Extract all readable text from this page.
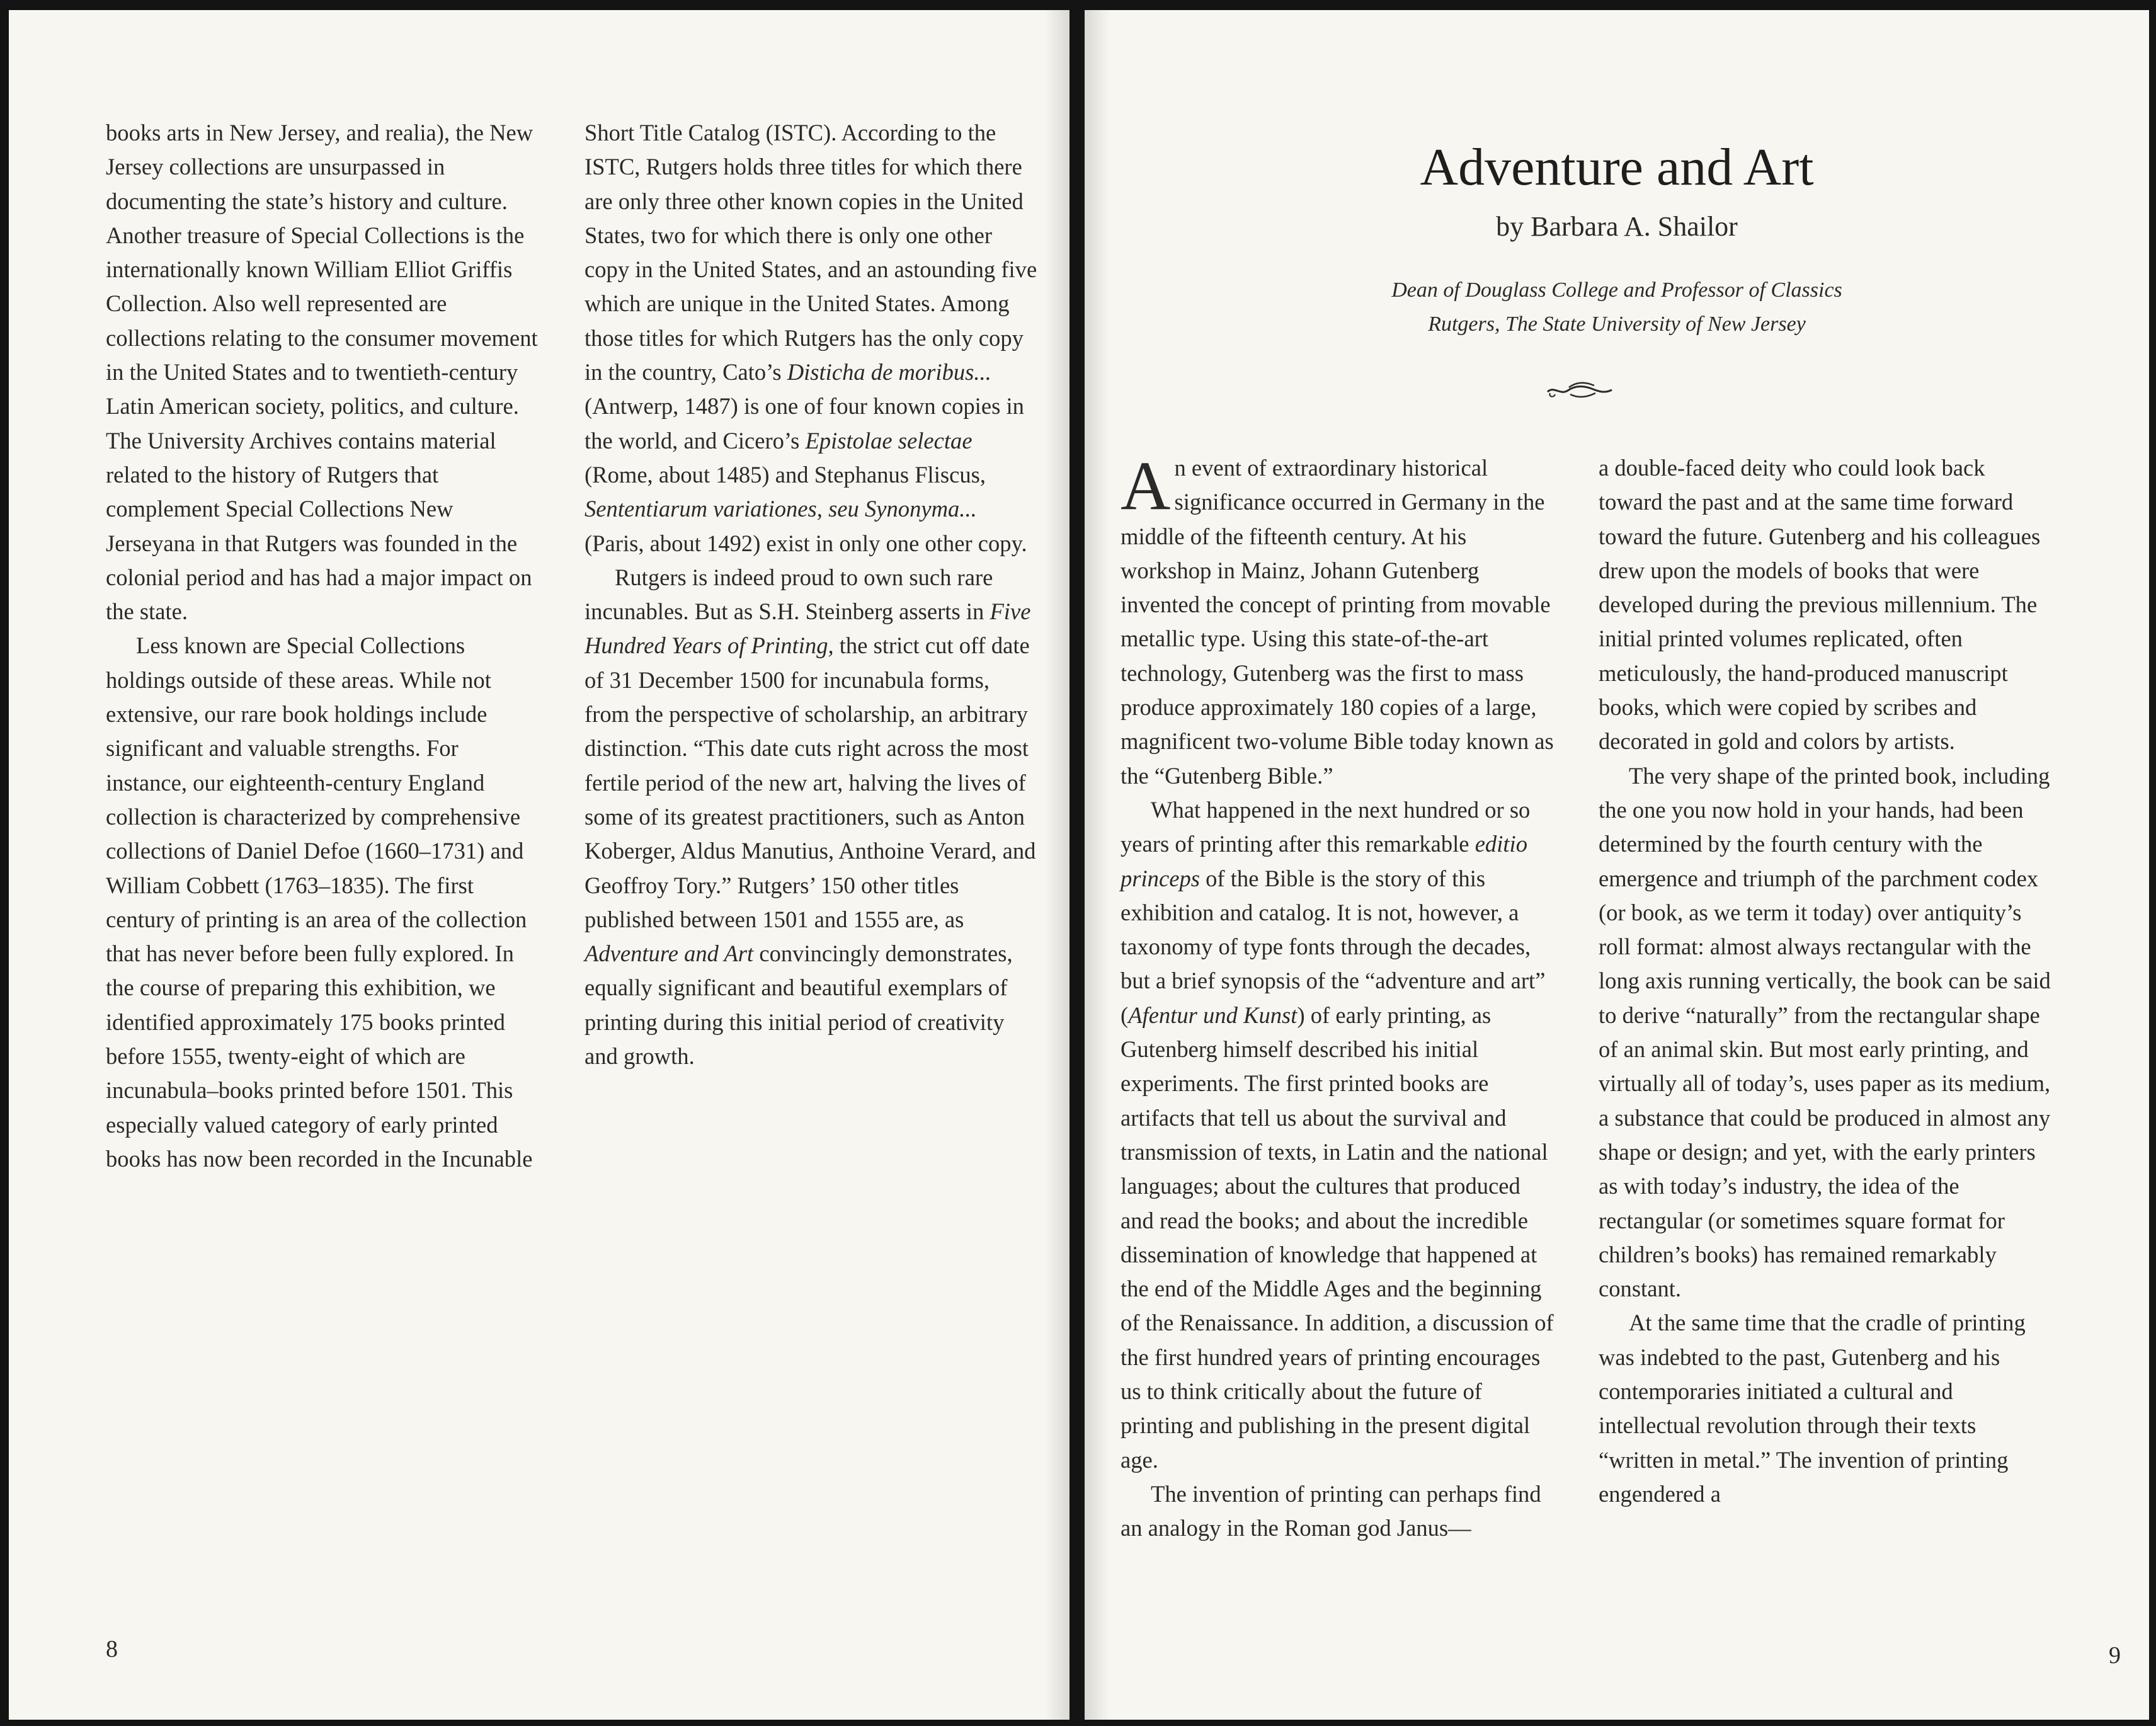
books arts in New Jersey, and realia), the New Jersey collections are unsurpassed in documenting the state’s history and culture. Another treasure of Special Collections is the internationally known William Elliot Griffis Collection. Also well represented are collections relating to the consumer movement in the United States and to twentieth-century Latin American society, politics, and culture. The University Archives contains material related to the history of Rutgers that complement Special Collections New Jerseyana in that Rutgers was founded in the colonial period and has had a major impact on the state.

Less known are Special Collections holdings outside of these areas. While not extensive, our rare book holdings include significant and valuable strengths. For instance, our eighteenth-century England collection is characterized by comprehensive collections of Daniel Defoe (1660–1731) and William Cobbett (1763–1835). The first century of printing is an area of the collection that has never before been fully explored. In the course of preparing this exhibition, we identified approximately 175 books printed before 1555, twenty-eight of which are incunabula–books printed before 1501. This especially valued category of early printed books has now been recorded in the Incunable

Short Title Catalog (ISTC). According to the ISTC, Rutgers holds three titles for which there are only three other known copies in the United States, two for which there is only one other copy in the United States, and an astounding five which are unique in the United States. Among those titles for which Rutgers has the only copy in the country, Cato’s Disticha de moribus... (Antwerp, 1487) is one of four known copies in the world, and Cicero’s Epistolae selectae (Rome, about 1485) and Stephanus Fliscus, Sententiarum variationes, seu Synonyma... (Paris, about 1492) exist in only one other copy.

Rutgers is indeed proud to own such rare incunables. But as S.H. Steinberg asserts in Five Hundred Years of Printing, the strict cut off date of 31 December 1500 for incunabula forms, from the perspective of scholarship, an arbitrary distinction. “This date cuts right across the most fertile period of the new art, halving the lives of some of its greatest practitioners, such as Anton Koberger, Aldus Manutius, Anthoine Verard, and Geoffroy Tory.” Rutgers’ 150 other titles published between 1501 and 1555 are, as Adventure and Art convincingly demonstrates, equally significant and beautiful exemplars of printing during this initial period of creativity and growth.

8
Adventure and Art
by Barbara A. Shailor
Dean of Douglass College and Professor of Classics
Rutgers, The State University of New Jersey

An event of extraordinary historical significance occurred in Germany in the middle of the fifteenth century. At his workshop in Mainz, Johann Gutenberg invented the concept of printing from movable metallic type. Using this state-of-the-art technology, Gutenberg was the first to mass produce approximately 180 copies of a large, magnificent two-volume Bible today known as the “Gutenberg Bible.”

What happened in the next hundred or so years of printing after this remarkable editio princeps of the Bible is the story of this exhibition and catalog. It is not, however, a taxonomy of type fonts through the decades, but a brief synopsis of the “adventure and art” (Afentur und Kunst) of early printing, as Gutenberg himself described his initial experiments. The first printed books are artifacts that tell us about the survival and transmission of texts, in Latin and the national languages; about the cultures that produced and read the books; and about the incredible dissemination of knowledge that happened at the end of the Middle Ages and the beginning of the Renaissance. In addition, a discussion of the first hundred years of printing encourages us to think critically about the future of printing and publishing in the present digital age.

The invention of printing can perhaps find an analogy in the Roman god Janus—

a double-faced deity who could look back toward the past and at the same time forward toward the future. Gutenberg and his colleagues drew upon the models of books that were developed during the previous millennium. The initial printed volumes replicated, often meticulously, the hand-produced manuscript books, which were copied by scribes and decorated in gold and colors by artists.

The very shape of the printed book, including the one you now hold in your hands, had been determined by the fourth century with the emergence and triumph of the parchment codex (or book, as we term it today) over antiquity’s roll format: almost always rectangular with the long axis running vertically, the book can be said to derive “naturally” from the rectangular shape of an animal skin. But most early printing, and virtually all of today’s, uses paper as its medium, a substance that could be produced in almost any shape or design; and yet, with the early printers as with today’s industry, the idea of the rectangular (or sometimes square format for children’s books) has remained remarkably constant.

At the same time that the cradle of printing was indebted to the past, Gutenberg and his contemporaries initiated a cultural and intellectual revolution through their texts “written in metal.” The invention of printing engendered a

9
